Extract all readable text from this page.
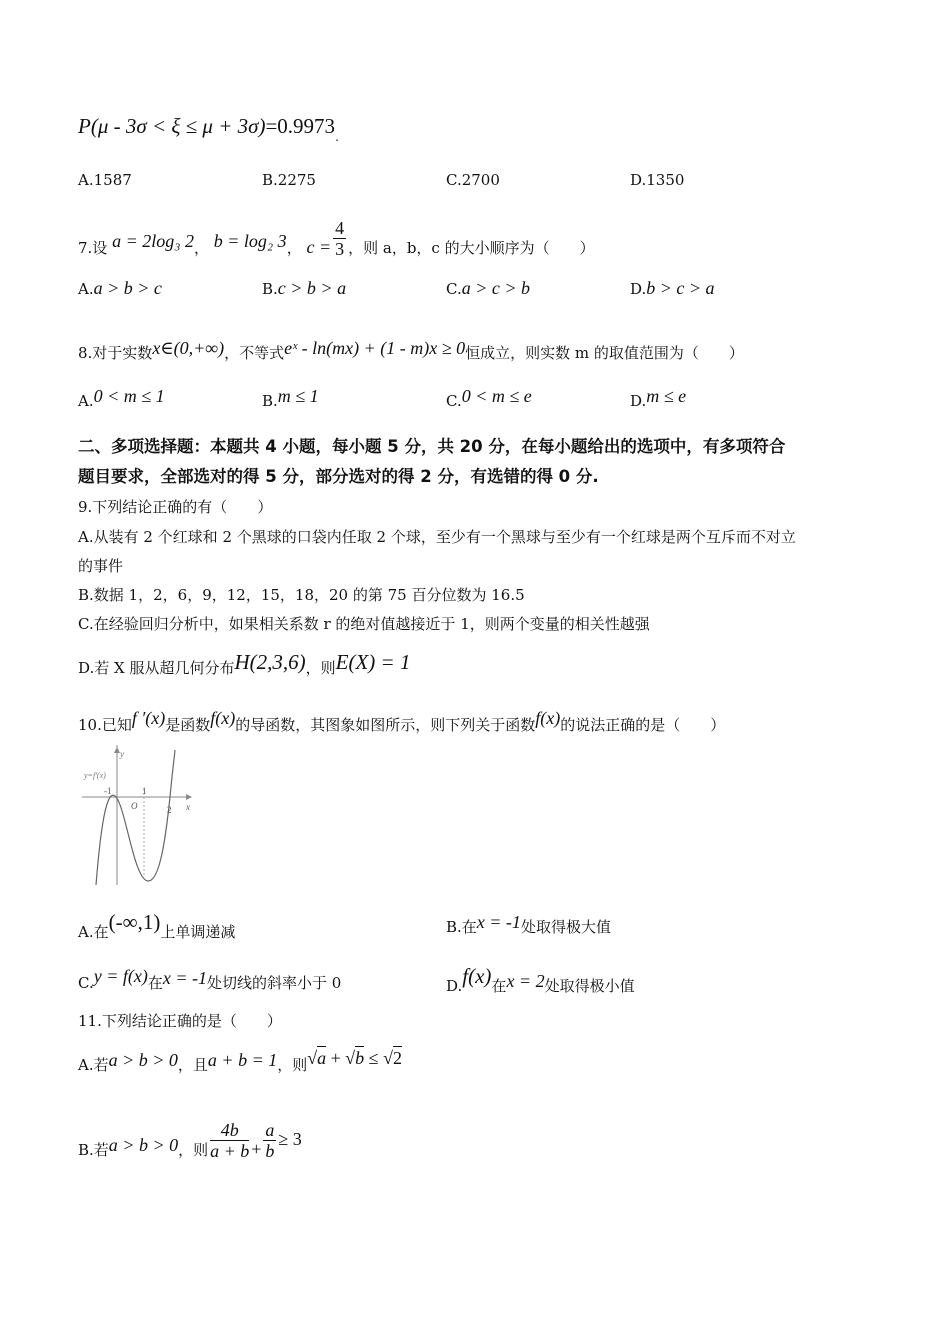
$P(\mu - 3\sigma < \xi \le \mu + 3\sigma)=0.9973_.$
A.1587	B.2275	C.2700	D.1350
7.设 a = 2log₃ 2， b = log₂ 3， $c = \frac{4}{3}$ ，则 a，b，c 的大小顺序为（　　）
A.a > b > c	B.c > b > a	C.a > c > b	D.b > c > a
8.对于实数x∈(0,+∞)，不等式eˣ - ln(mx) + (1 - m)x ≥ 0恒成立，则实数 m 的取值范围为（　　）
A.0 < m ≤ 1	B.m ≤ 1	C.0 < m ≤ e	D.m ≤ e
二、多项选择题：本题共 4 小题，每小题 5 分，共 20 分，在每小题给出的选项中，有多项符合
题目要求，全部选对的得 5 分，部分选对的得 2 分，有选错的得 0 分.
9.下列结论正确的有（　　）
A.从装有 2 个红球和 2 个黑球的口袋内任取 2 个球，至少有一个黑球与至少有一个红球是两个互斥而不对立
的事件
B.数据 1，2，6，9，12，15，18，20 的第 75 百分位数为 16.5
C.在经验回归分析中，如果相关系数 r 的绝对值越接近于 1，则两个变量的相关性越强
D.若 X 服从超几何分布H(2,3,6)，则E(X) = 1
10.已知f ′(x)是函数f(x)的导函数，其图象如图所示，则下列关于函数f(x)的说法正确的是（　　）
y
y=f′(x)
-1	1
O	2 x
A.在(-∞,1)上单调递减	B.在x = -1处取得极大值
C.y = f(x)在x = -1处切线的斜率小于 0	D.f(x)在x = 2处取得极小值
11.下列结论正确的是（　　）
A.若a > b > 0，且a + b = 1，则√a + √b ≤ √2
B.若a > b > 0，则 $\frac{4b}{a + b} + \frac{a}{b} \ge 3$
